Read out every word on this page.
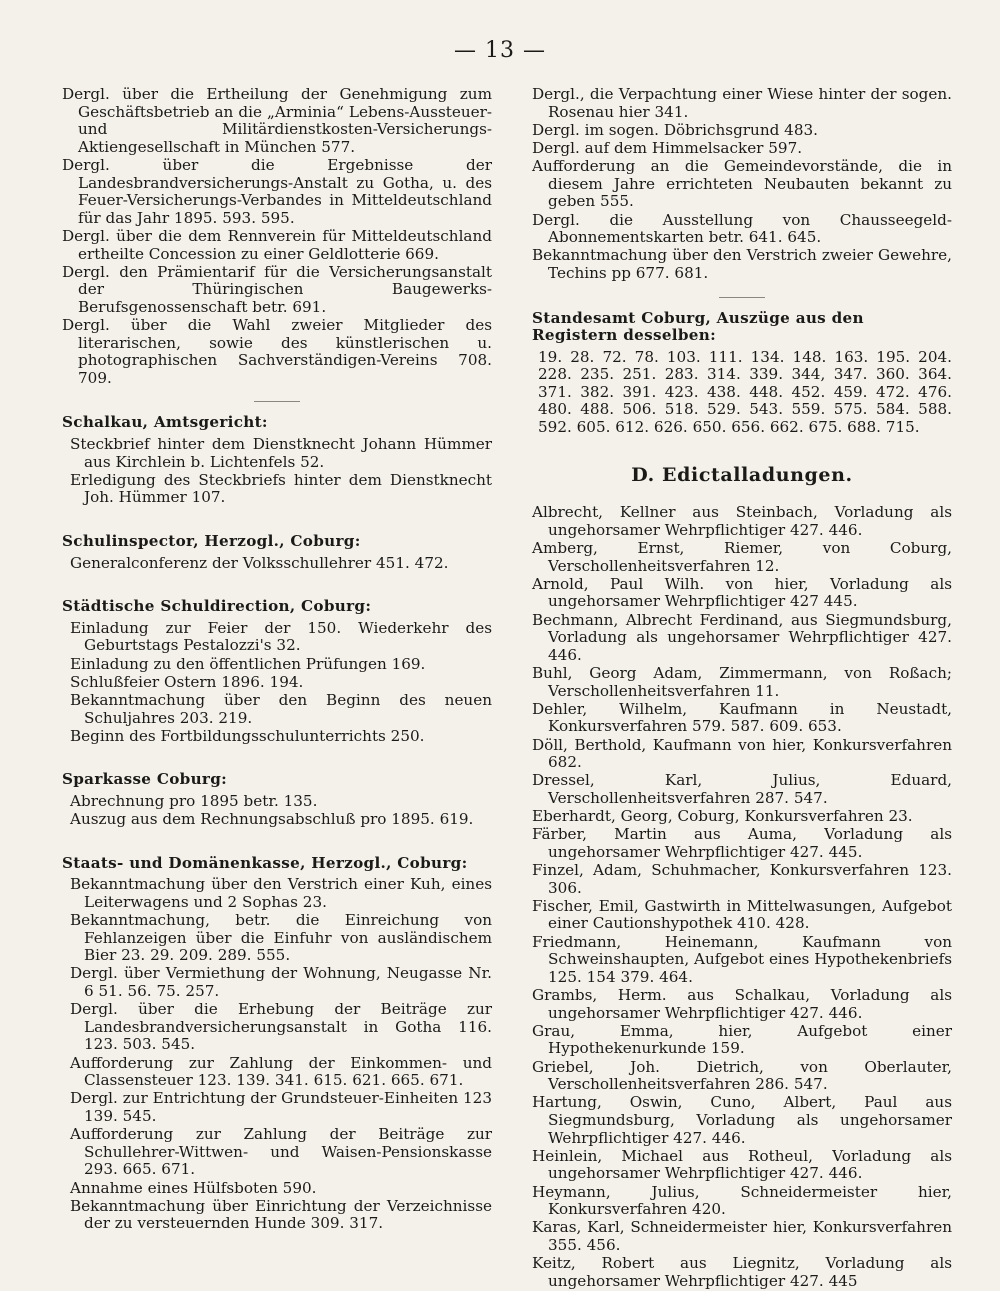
— 13 —
Dergl. über die Ertheilung der Genehmigung zum Geschäftsbetrieb an die „Arminia“ Lebens-Aussteuer- und Militärdienstkosten-Versicherungs-Aktiengesellschaft in München 577.
Dergl. über die Ergebnisse der Landesbrandversicherungs-Anstalt zu Gotha, u. des Feuer-Versicherungs-Verbandes in Mitteldeutschland für das Jahr 1895. 593. 595.
Dergl. über die dem Rennverein für Mitteldeutschland ertheilte Concession zu einer Geldlotterie 669.
Dergl. den Prämientarif für die Versicherungsanstalt der Thüringischen Baugewerks-Berufsgenossenschaft betr. 691.
Dergl. über die Wahl zweier Mitglieder des literarischen, sowie des künstlerischen u. photographischen Sachverständigen-Vereins 708. 709.
Schalkau, Amtsgericht:
Steckbrief hinter dem Dienstknecht Johann Hümmer aus Kirchlein b. Lichtenfels 52.
Erledigung des Steckbriefs hinter dem Dienstknecht Joh. Hümmer 107.
Schulinspector, Herzogl., Coburg:
Generalconferenz der Volksschullehrer 451. 472.
Städtische Schuldirection, Coburg:
Einladung zur Feier der 150. Wiederkehr des Geburtstags Pestalozzi's 32.
Einladung zu den öffentlichen Prüfungen 169.
Schlußfeier Ostern 1896. 194.
Bekanntmachung über den Beginn des neuen Schuljahres 203. 219.
Beginn des Fortbildungsschulunterrichts 250.
Sparkasse Coburg:
Abrechnung pro 1895 betr. 135.
Auszug aus dem Rechnungsabschluß pro 1895. 619.
Staats- und Domänenkasse, Herzogl., Coburg:
Bekanntmachung über den Verstrich einer Kuh, eines Leiterwagens und 2 Sophas 23.
Bekanntmachung, betr. die Einreichung von Fehlanzeigen über die Einfuhr von ausländischem Bier 23. 29. 209. 289. 555.
Dergl. über Vermiethung der Wohnung, Neugasse Nr. 6 51. 56. 75. 257.
Dergl. über die Erhebung der Beiträge zur Landesbrandversicherungsanstalt in Gotha 116. 123. 503. 545.
Aufforderung zur Zahlung der Einkommen- und Classensteuer 123. 139. 341. 615. 621. 665. 671.
Dergl. zur Entrichtung der Grundsteuer-Einheiten 123 139. 545.
Aufforderung zur Zahlung der Beiträge zur Schullehrer-Wittwen- und Waisen-Pensionskasse 293. 665. 671.
Annahme eines Hülfsboten 590.
Bekanntmachung über Einrichtung der Verzeichnisse der zu versteuernden Hunde 309. 317.
Dergl., die Verpachtung einer Wiese hinter der sogen. Rosenau hier 341.
Dergl. im sogen. Döbrichsgrund 483.
Dergl. auf dem Himmelsacker 597.
Aufforderung an die Gemeindevorstände, die in diesem Jahre errichteten Neubauten bekannt zu geben 555.
Dergl. die Ausstellung von Chausseegeld-Abonnementskarten betr. 641. 645.
Bekanntmachung über den Verstrich zweier Gewehre, Techins pp 677. 681.
Standesamt Coburg, Auszüge aus den Registern desselben:
19. 28. 72. 78. 103. 111. 134. 148. 163. 195. 204. 228. 235. 251. 283. 314. 339. 344, 347. 360. 364. 371. 382. 391. 423. 438. 448. 452. 459. 472. 476. 480. 488. 506. 518. 529. 543. 559. 575. 584. 588. 592. 605. 612. 626. 650. 656. 662. 675. 688. 715.
D. Edictalladungen.
Albrecht, Kellner aus Steinbach, Vorladung als ungehorsamer Wehrpflichtiger 427. 446.
Amberg, Ernst, Riemer, von Coburg, Verschollenheitsverfahren 12.
Arnold, Paul Wilh. von hier, Vorladung als ungehorsamer Wehrpflichtiger 427 445.
Bechmann, Albrecht Ferdinand, aus Siegmundsburg, Vorladung als ungehorsamer Wehrpflichtiger 427. 446.
Buhl, Georg Adam, Zimmermann, von Roßach; Verschollenheitsverfahren 11.
Dehler, Wilhelm, Kaufmann in Neustadt, Konkursverfahren 579. 587. 609. 653.
Döll, Berthold, Kaufmann von hier, Konkursverfahren 682.
Dressel, Karl, Julius, Eduard, Verschollenheitsverfahren 287. 547.
Eberhardt, Georg, Coburg, Konkursverfahren 23.
Färber, Martin aus Auma, Vorladung als ungehorsamer Wehrpflichtiger 427. 445.
Finzel, Adam, Schuhmacher, Konkursverfahren 123. 306.
Fischer, Emil, Gastwirth in Mittelwasungen, Aufgebot einer Cautionshypothek 410. 428.
Friedmann, Heinemann, Kaufmann von Schweinshaupten, Aufgebot eines Hypothekenbriefs 125. 154 379. 464.
Grambs, Herm. aus Schalkau, Vorladung als ungehorsamer Wehrpflichtiger 427. 446.
Grau, Emma, hier, Aufgebot einer Hypothekenurkunde 159.
Griebel, Joh. Dietrich, von Oberlauter, Verschollenheitsverfahren 286. 547.
Hartung, Oswin, Cuno, Albert, Paul aus Siegmundsburg, Vorladung als ungehorsamer Wehrpflichtiger 427. 446.
Heinlein, Michael aus Rotheul, Vorladung als ungehorsamer Wehrpflichtiger 427. 446.
Heymann, Julius, Schneidermeister hier, Konkursverfahren 420.
Karas, Karl, Schneidermeister hier, Konkursverfahren 355. 456.
Keitz, Robert aus Liegnitz, Vorladung als ungehorsamer Wehrpflichtiger 427. 445
